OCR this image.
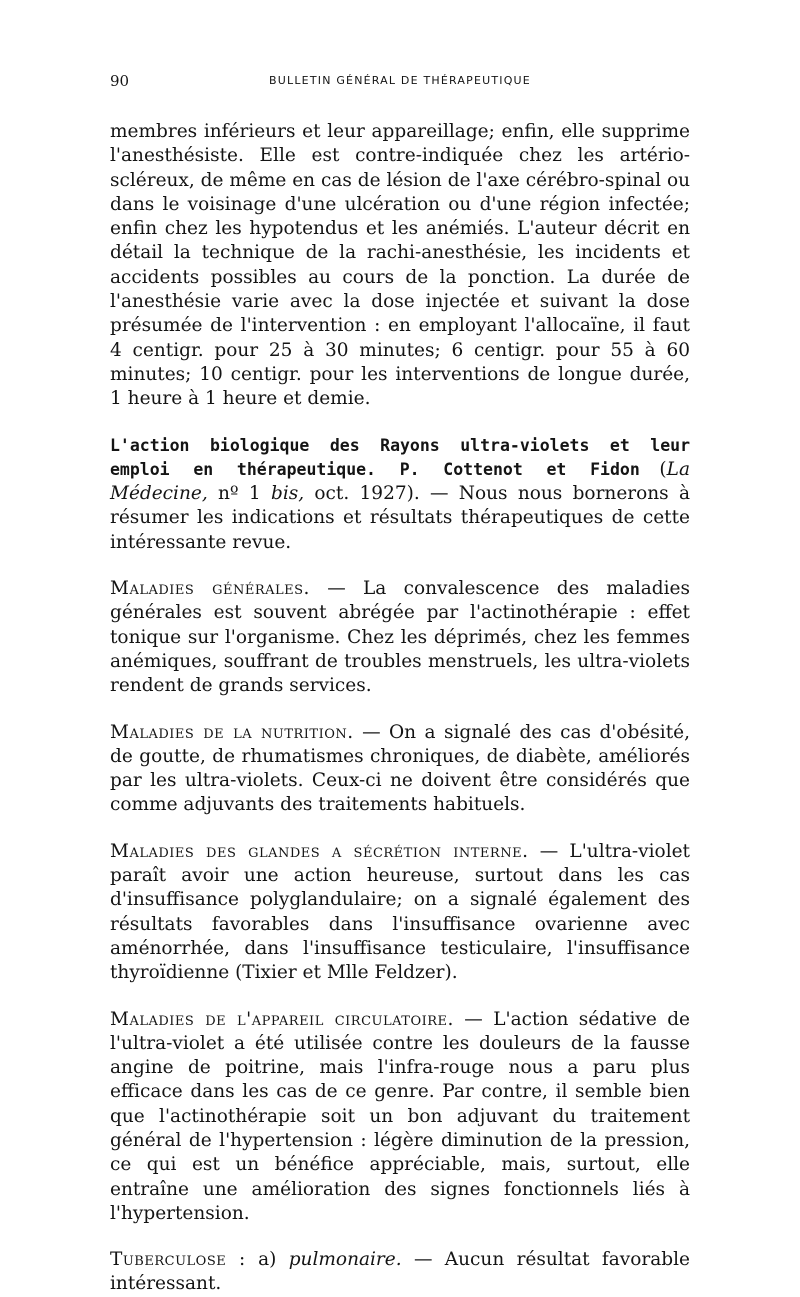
90	BULLETIN GÉNÉRAL DE THÉRAPEUTIQUE

membres inférieurs et leur appareillage; enfin, elle supprime l'anesthésiste. Elle est contre-indiquée chez les artério-scléreux, de même en cas de lésion de l'axe cérébro-spinal ou dans le voisinage d'une ulcération ou d'une région infectée; enfin chez les hypotendus et les anémiés. L'auteur décrit en détail la technique de la rachi-anesthésie, les incidents et accidents possibles au cours de la ponction. La durée de l'anesthésie varie avec la dose injectée et suivant la dose présumée de l'intervention : en employant l'allocaïne, il faut 4 centigr. pour 25 à 30 minutes; 6 centigr. pour 55 à 60 minutes; 10 centigr. pour les interventions de longue durée, 1 heure à 1 heure et demie.

L'action biologique des Rayons ultra-violets et leur emploi en thérapeutique. P. Cottenot et Fidon (La Médecine, nº 1 bis, oct. 1927). — Nous nous bornerons à résumer les indications et résultats thérapeutiques de cette intéressante revue.

Maladies générales. — La convalescence des maladies générales est souvent abrégée par l'actinothérapie : effet tonique sur l'organisme. Chez les déprimés, chez les femmes anémiques, souffrant de troubles menstruels, les ultra-violets rendent de grands services.

Maladies de la nutrition. — On a signalé des cas d'obésité, de goutte, de rhumatismes chroniques, de diabète, améliorés par les ultra-violets. Ceux-ci ne doivent être considérés que comme adjuvants des traitements habituels.

Maladies des glandes a sécrétion interne. — L'ultra-violet paraît avoir une action heureuse, surtout dans les cas d'insuffisance polyglandulaire; on a signalé également des résultats favorables dans l'insuffisance ovarienne avec aménorrhée, dans l'insuffisance testiculaire, l'insuffisance thyroïdienne (Tixier et Mlle Feldzer).

Maladies de l'appareil circulatoire. — L'action sédative de l'ultra-violet a été utilisée contre les douleurs de la fausse angine de poitrine, mais l'infra-rouge nous a paru plus efficace dans les cas de ce genre. Par contre, il semble bien que l'actinothérapie soit un bon adjuvant du traitement général de l'hypertension : légère diminution de la pression, ce qui est un bénéfice appréciable, mais, surtout, elle entraîne une amélioration des signes fonctionnels liés à l'hypertension.

Tuberculose : a) pulmonaire. — Aucun résultat favorable intéressant.
